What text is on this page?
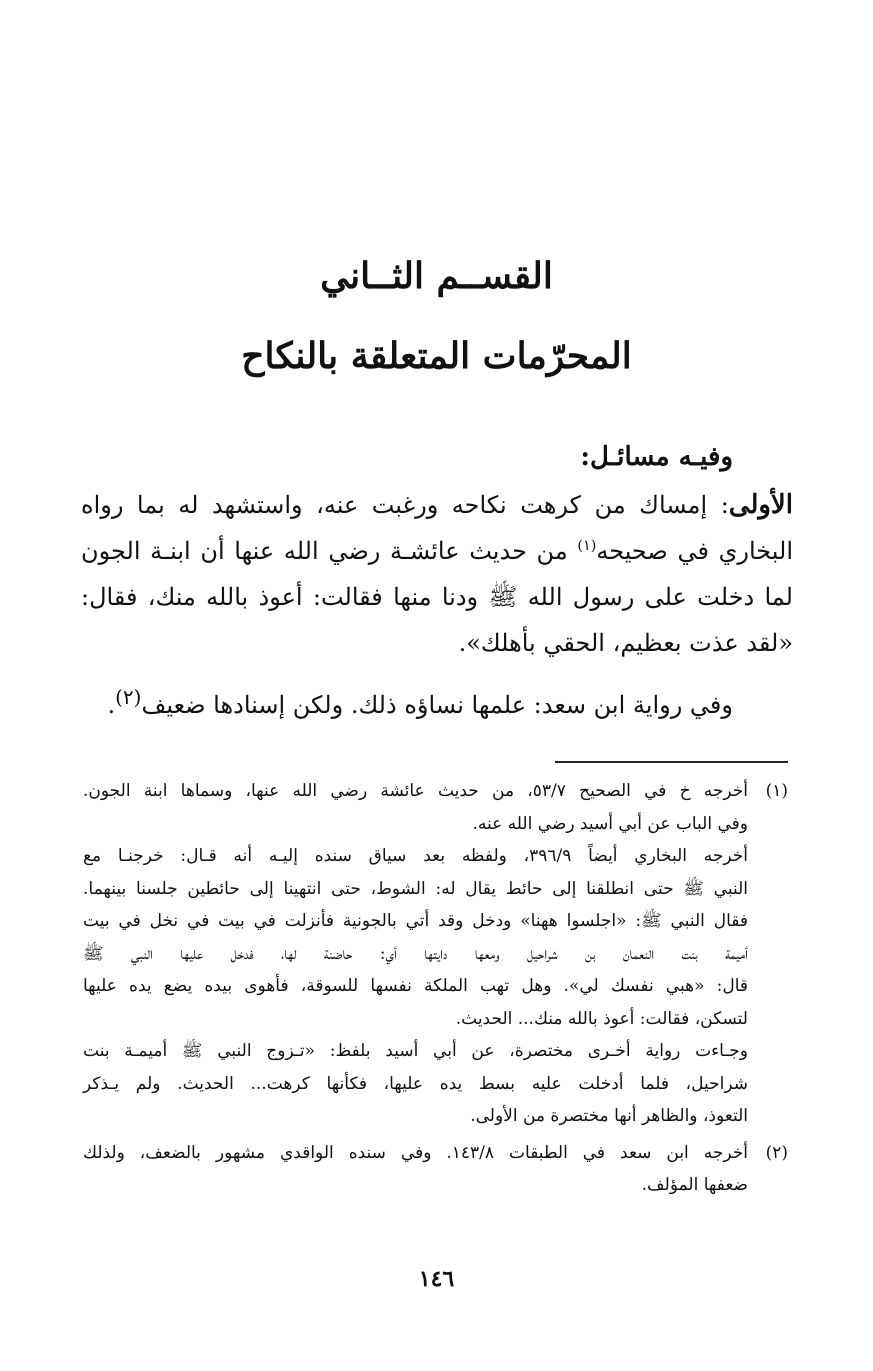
القســم الثــاني
المحرّمات المتعلقة بالنكاح
وفيـه مسائـل:
الأولى: إمساك من كرهت نكاحه ورغبت عنه، واستشهد له بما رواه البخاري في صحيحه$^{(١)}$ من حديث عائشـة رضي الله عنها أن ابنـة الجون لما دخلت على رسول الله ﷺ ودنا منها فقالت: أعوذ بالله منك، فقال: «لقد عذت بعظيم، الحقي بأهلك».
وفي رواية ابن سعد: علمها نساؤه ذلك. ولكن إسنادها ضعيف$^{(٢)}$.
(١)
أخرجه خ في الصحيح ٥٣/٧، من حديث عائشة رضي الله عنها، وسماها ابنة الجون.
وفي الباب عن أبي أسيد رضي الله عنه.
أخرجه البخاري أيضاً ٣٩٦/٩، ولفظه بعد سياق سنده إليـه أنه قـال: خرجنـا مع
النبي ﷺ حتى انطلقنا إلى حائط يقال له: الشوط، حتى انتهينا إلى حائطين جلسنا بينهما.
فقال النبي ﷺ: «اجلسوا ههنا» ودخل وقد أتي بالجونية فأنزلت في بيت في نخل في بيت
أميمة بنت النعمان بن شراحيل ومعها دايتها أي: حاضنة لها، فدخل عليها النبي ﷺ
قال: «هبي نفسك لي». وهل تهب الملكة نفسها للسوقة، فأهوى بيده يضع يده عليها
لتسكن، فقالت: أعوذ بالله منك... الحديث.
وجـاءت رواية أخـرى مختصرة، عن أبي أسيد بلفظ: «تـزوج النبي ﷺ أميمـة بنت
شراحيل، فلما أدخلت عليه بسط يده عليها، فكأنها كرهت... الحديث. ولم يـذكر
التعوذ، والظاهر أنها مختصرة من الأولى.
(٢)
أخرجه ابن سعد في الطبقات ١٤٣/٨. وفي سنده الواقدي مشهور بالضعف، ولذلك
ضعفها المؤلف.
١٤٦
